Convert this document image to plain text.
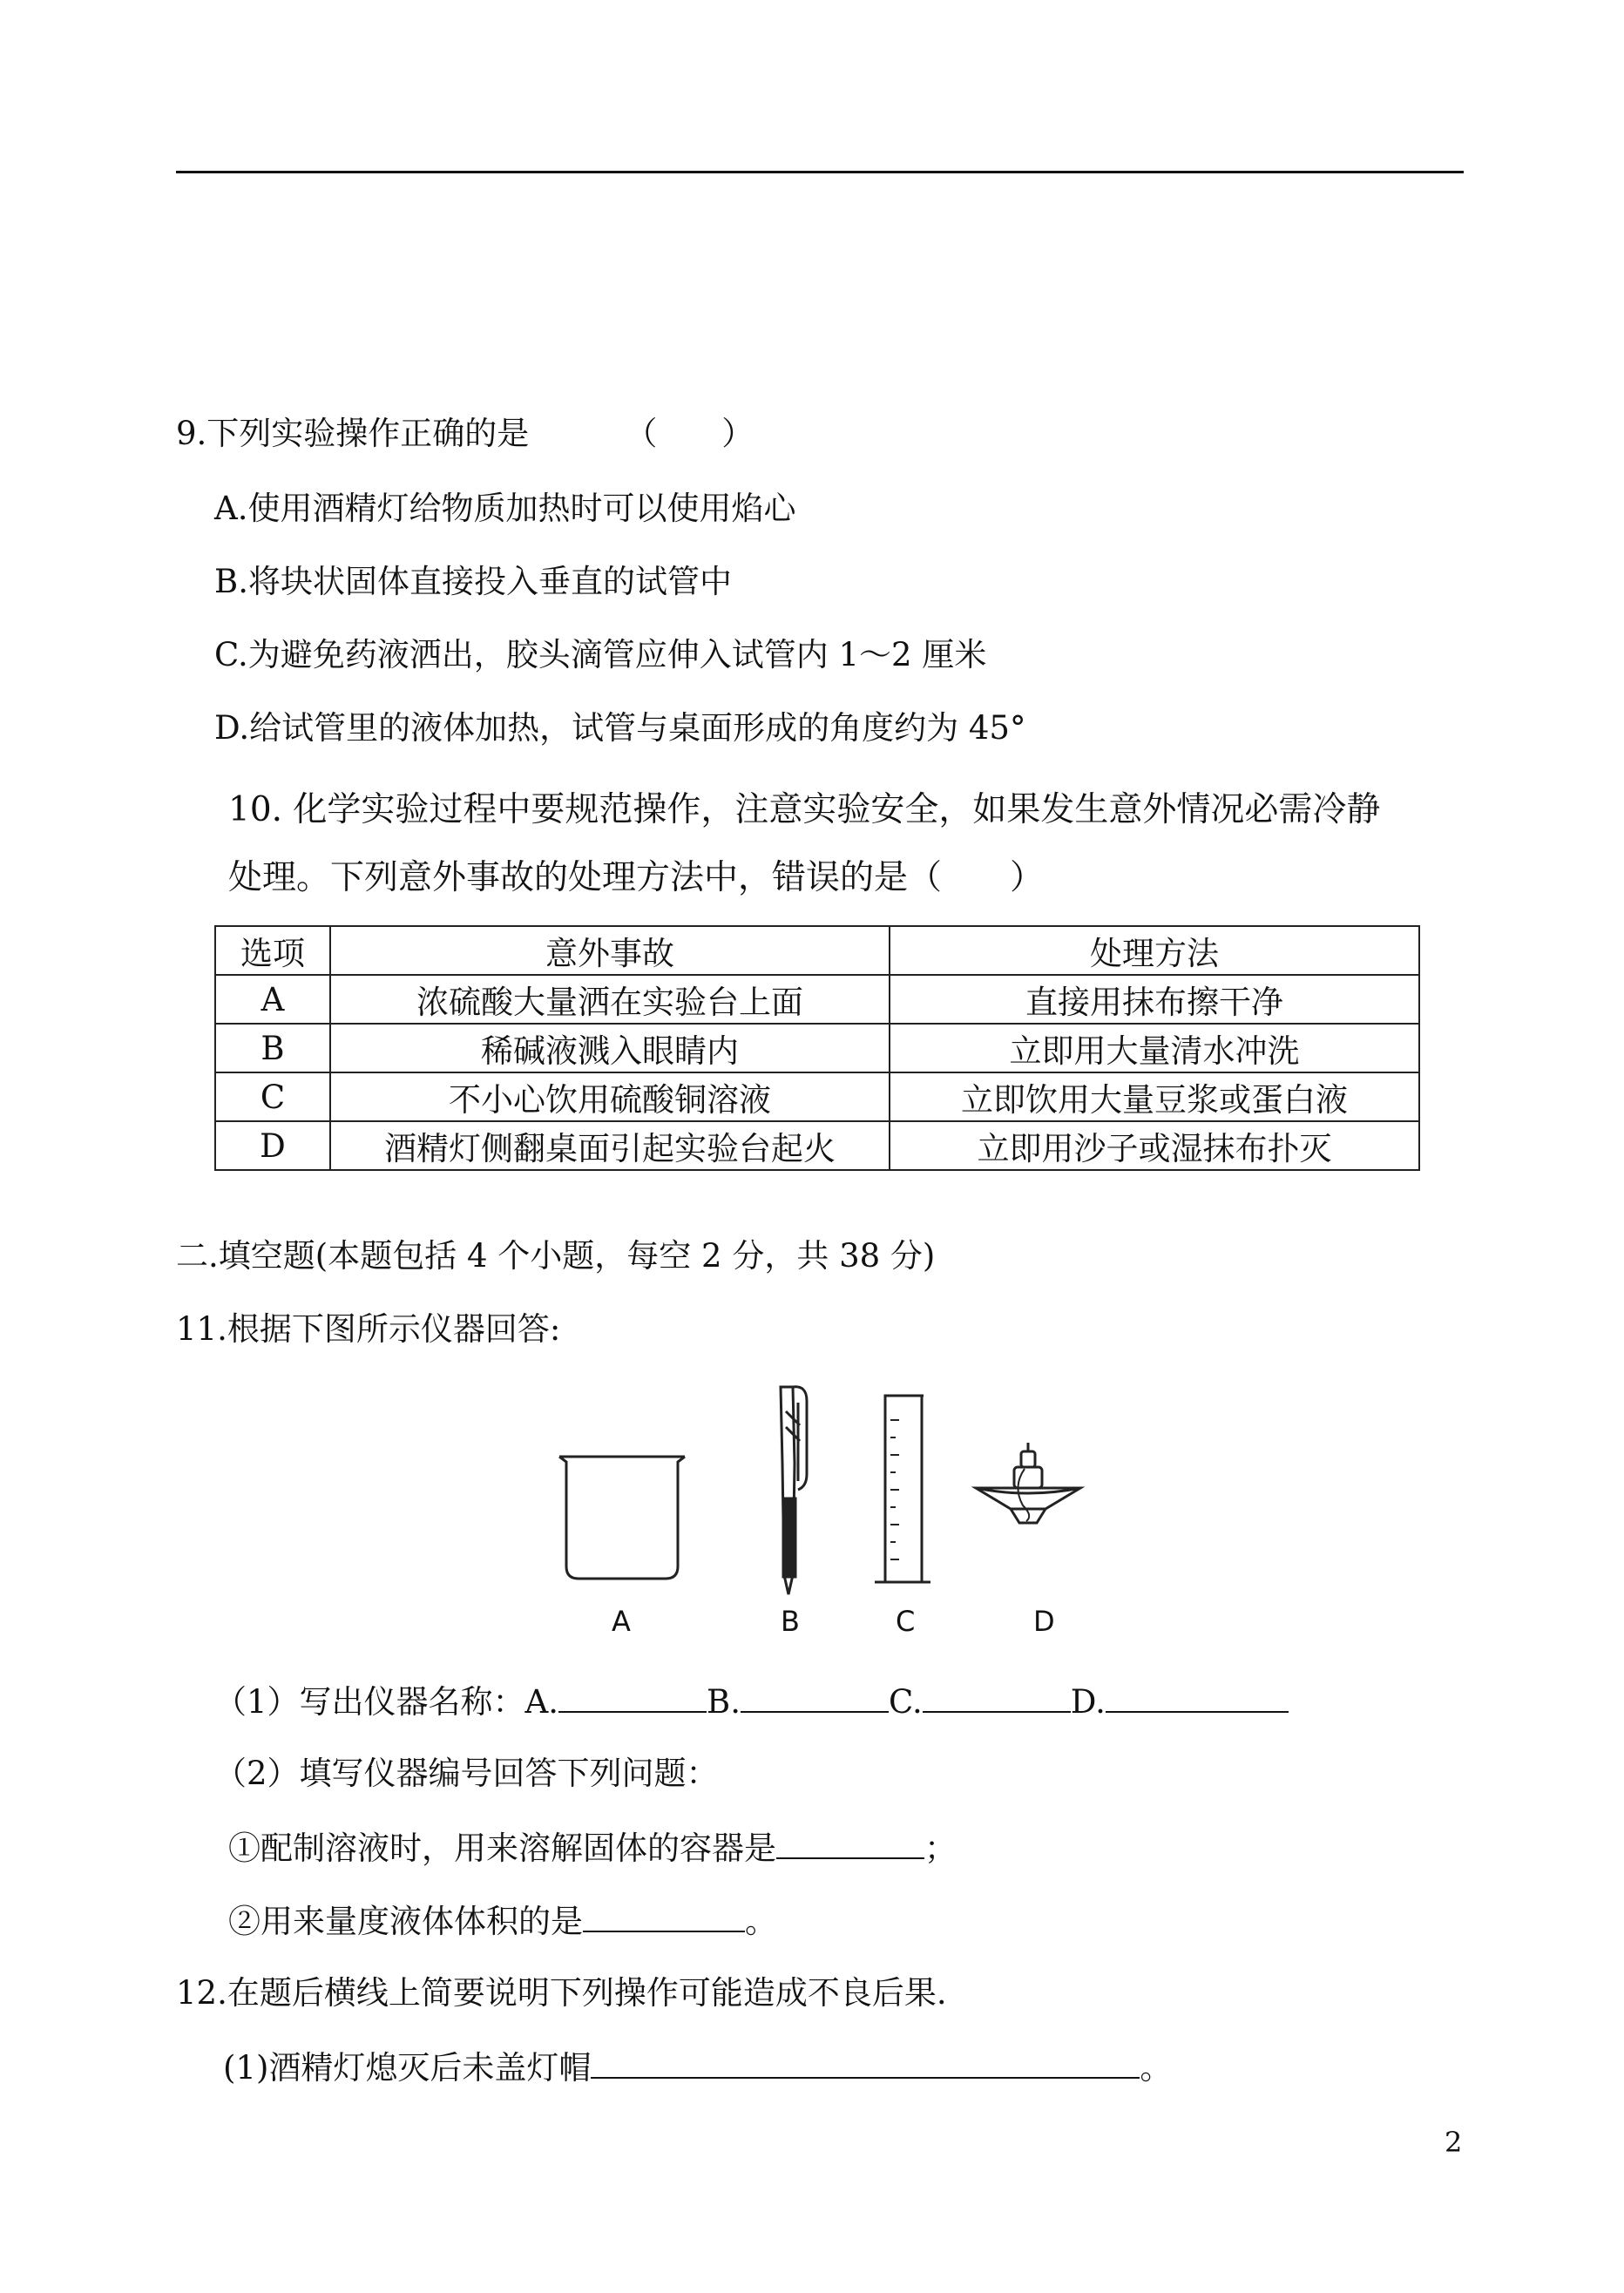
9.下列实验操作正确的是	（　　）
A.使用酒精灯给物质加热时可以使用焰心
B.将块状固体直接投入垂直的试管中
C.为避免药液洒出，胶头滴管应伸入试管内 1～2 厘米
D.给试管里的液体加热，试管与桌面形成的角度约为 45°
10. 化学实验过程中要规范操作，注意实验安全，如果发生意外情况必需冷静
处理。下列意外事故的处理方法中，错误的是（　　）
选项	意外事故	处理方法
A	浓硫酸大量洒在实验台上面	直接用抹布擦干净
B	稀碱液溅入眼睛内	立即用大量清水冲洗
C	不小心饮用硫酸铜溶液	立即饮用大量豆浆或蛋白液
D	酒精灯侧翻桌面引起实验台起火	立即用沙子或湿抹布扑灭
二.填空题(本题包括 4 个小题，每空 2 分，共 38 分)
11.根据下图所示仪器回答:
A	B	C	D
（1）写出仪器名称：A.	B.	C.	D.
（2）填写仪器编号回答下列问题：
①配制溶液时，用来溶解固体的容器是	；
②用来量度液体体积的是	。
12.在题后横线上简要说明下列操作可能造成不良后果.
(1)酒精灯熄灭后未盖灯帽	。
2
